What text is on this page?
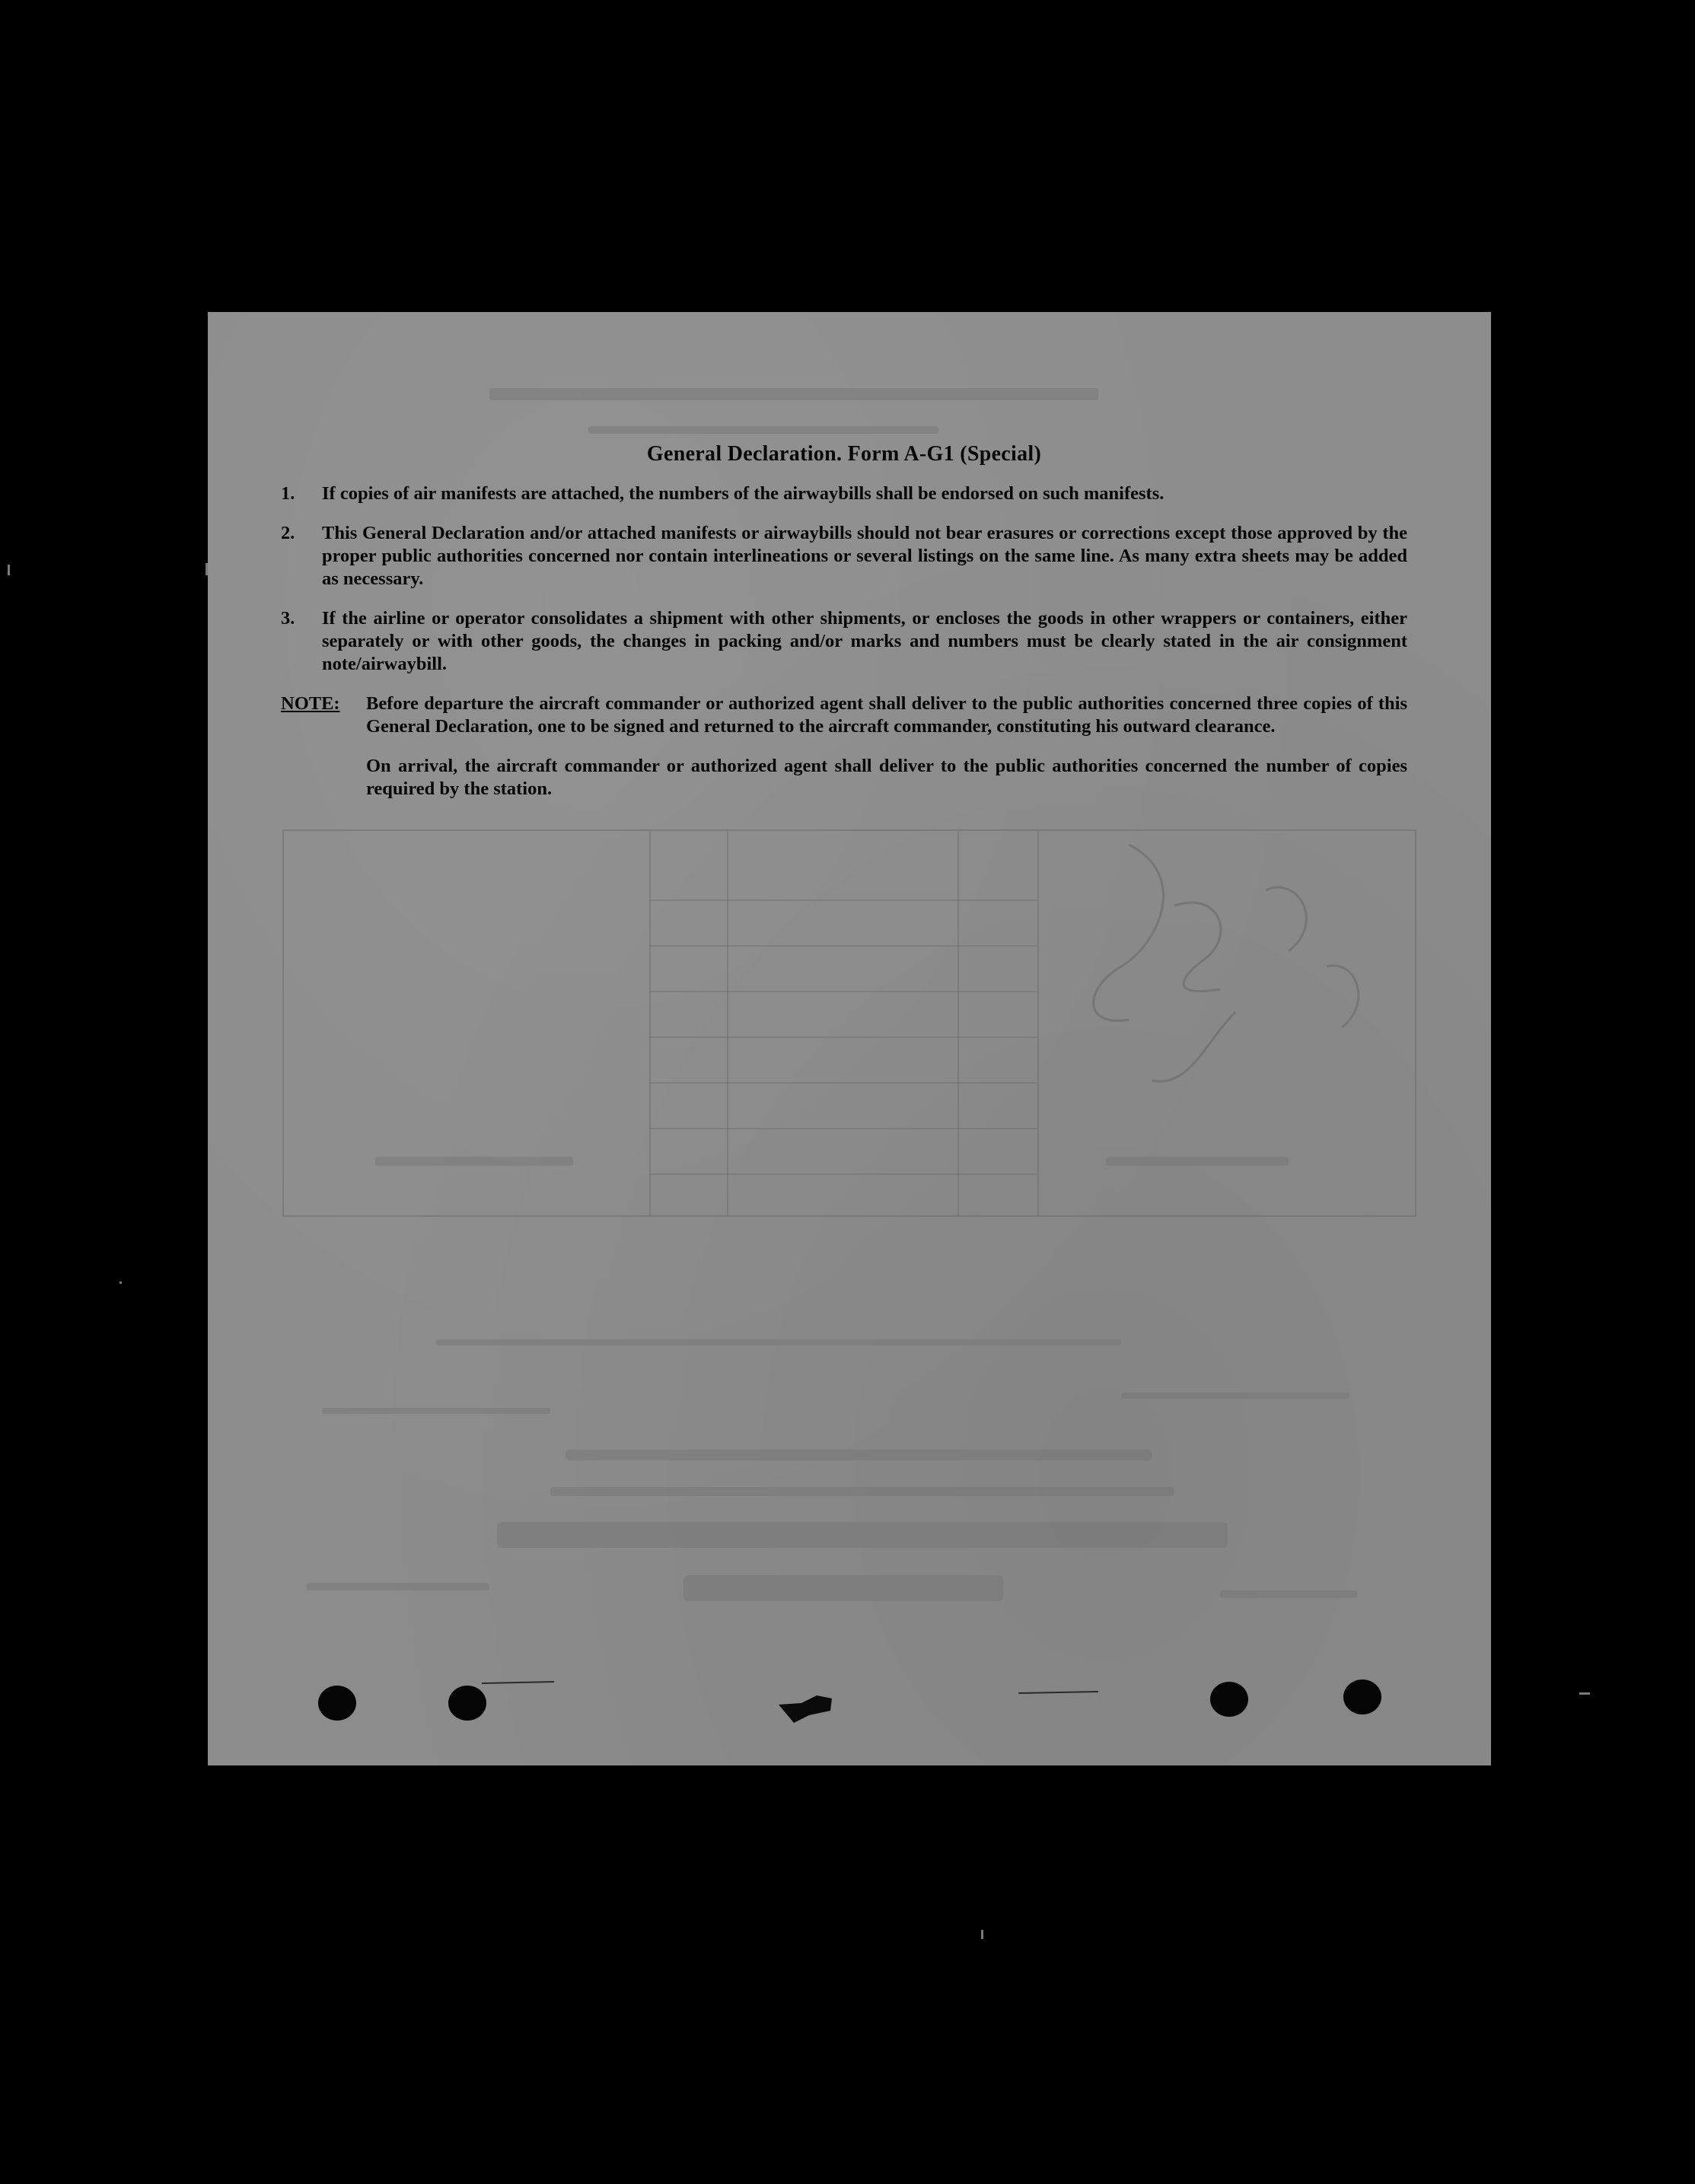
General Declaration. Form A-G1 (Special)
1.	If copies of air manifests are attached, the numbers of the airwaybills shall be endorsed on such manifests.
2.	This General Declaration and/or attached manifests or airwaybills should not bear erasures or corrections except those approved by the proper public authorities concerned nor contain interlineations or several listings on the same line. As many extra sheets may be added as necessary.
3.	If the airline or operator consolidates a shipment with other shipments, or encloses the goods in other wrappers or containers, either separately or with other goods, the changes in packing and/or marks and numbers must be clearly stated in the air consignment note/airwaybill.
NOTE:	Before departure the aircraft commander or authorized agent shall deliver to the public authorities concerned three copies of this General Declaration, one to be signed and returned to the aircraft commander, constituting his outward clearance.
On arrival, the aircraft commander or authorized agent shall deliver to the public authorities concerned the number of copies required by the station.
